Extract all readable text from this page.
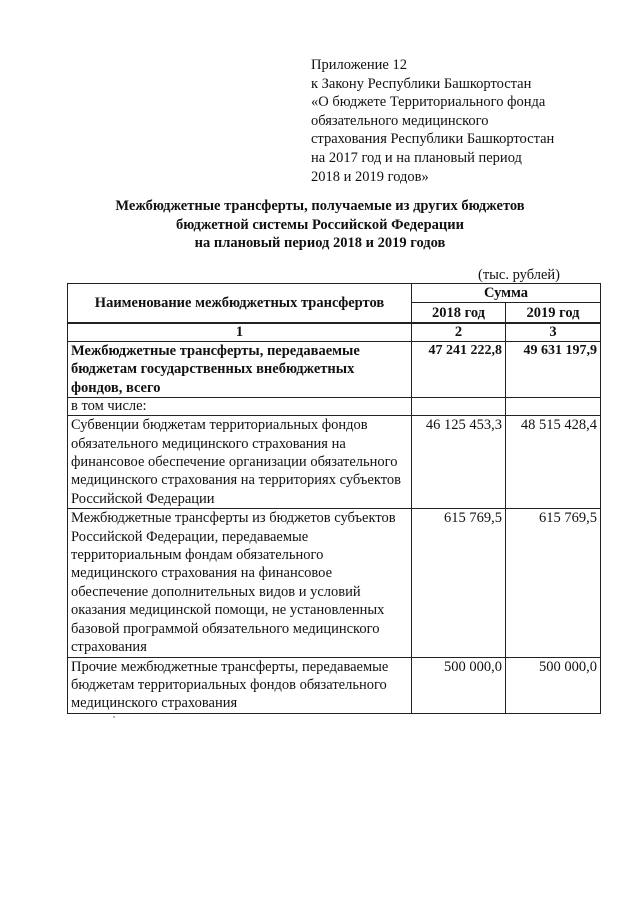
Приложение 12
к Закону Республики Башкортостан
«О бюджете Территориального фонда
обязательного медицинского
страхования Республики Башкортостан
на 2017 год и на плановый период
2018 и 2019 годов»
Межбюджетные трансферты, получаемые из других бюджетов
бюджетной системы Российской Федерации
на плановый период 2018 и 2019 годов
(тыс. рублей)
Наименование межбюджетных трансфертов	Сумма	
	2018 год	2019 год
1	2	3
Межбюджетные трансферты, передаваемые бюджетам государственных внебюджетных фондов, всего	47 241 222,8	49 631 197,9
в том числе:		
Субвенции бюджетам территориальных фондов обязательного медицинского страхования на финансовое обеспечение организации обязательного медицинского страхования на территориях субъектов Российской Федерации	46 125 453,3	48 515 428,4
Межбюджетные трансферты из бюджетов субъектов Российской Федерации, передаваемые территориальным фондам обязательного медицинского страхования на финансовое обеспечение дополнительных видов и условий оказания медицинской помощи, не установленных базовой программой обязательного медицинского страхования	615 769,5	615 769,5
Прочие межбюджетные трансферты, передаваемые бюджетам территориальных фондов обязательного медицинского страхования	500 000,0	500 000,0
